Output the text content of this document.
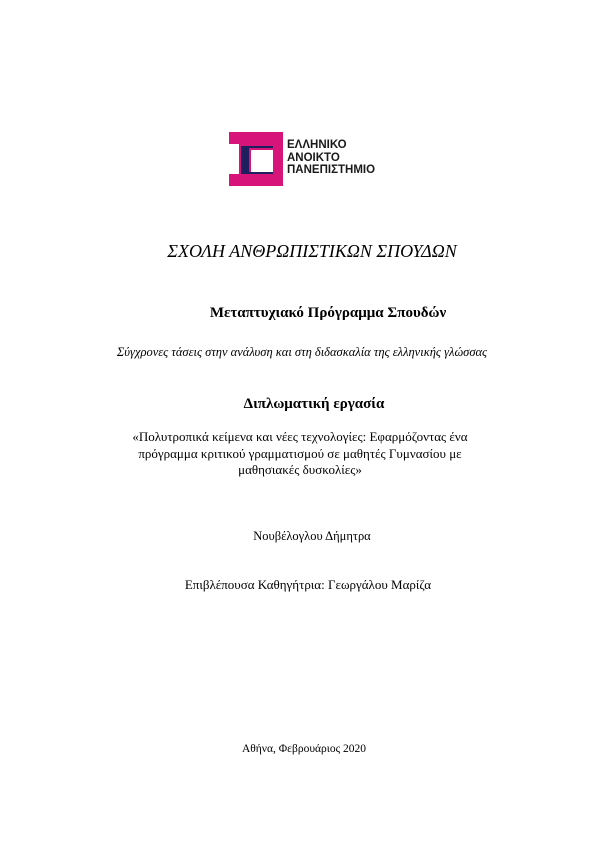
ΕΛΛΗΝΙΚΟ
ΑΝΟΙΚΤΟ
ΠΑΝΕΠΙΣΤΗΜΙΟ
ΣΧΟΛΗ ΑΝΘΡΩΠΙΣΤΙΚΩΝ ΣΠΟΥΔΩΝ
Μεταπτυχιακό Πρόγραμμα Σπουδών
Σύγχρονες τάσεις στην ανάλυση και στη διδασκαλία της ελληνικής γλώσσας
Διπλωματική εργασία
«Πολυτροπικά κείμενα και νέες τεχνολογίες: Εφαρμόζοντας ένα
πρόγραμμα κριτικού γραμματισμού σε μαθητές Γυμνασίου με
μαθησιακές δυσκολίες»
Νουβέλογλου Δήμητρα
Επιβλέπουσα Καθηγήτρια: Γεωργάλου Μαρίζα
Αθήνα, Φεβρουάριος 2020
